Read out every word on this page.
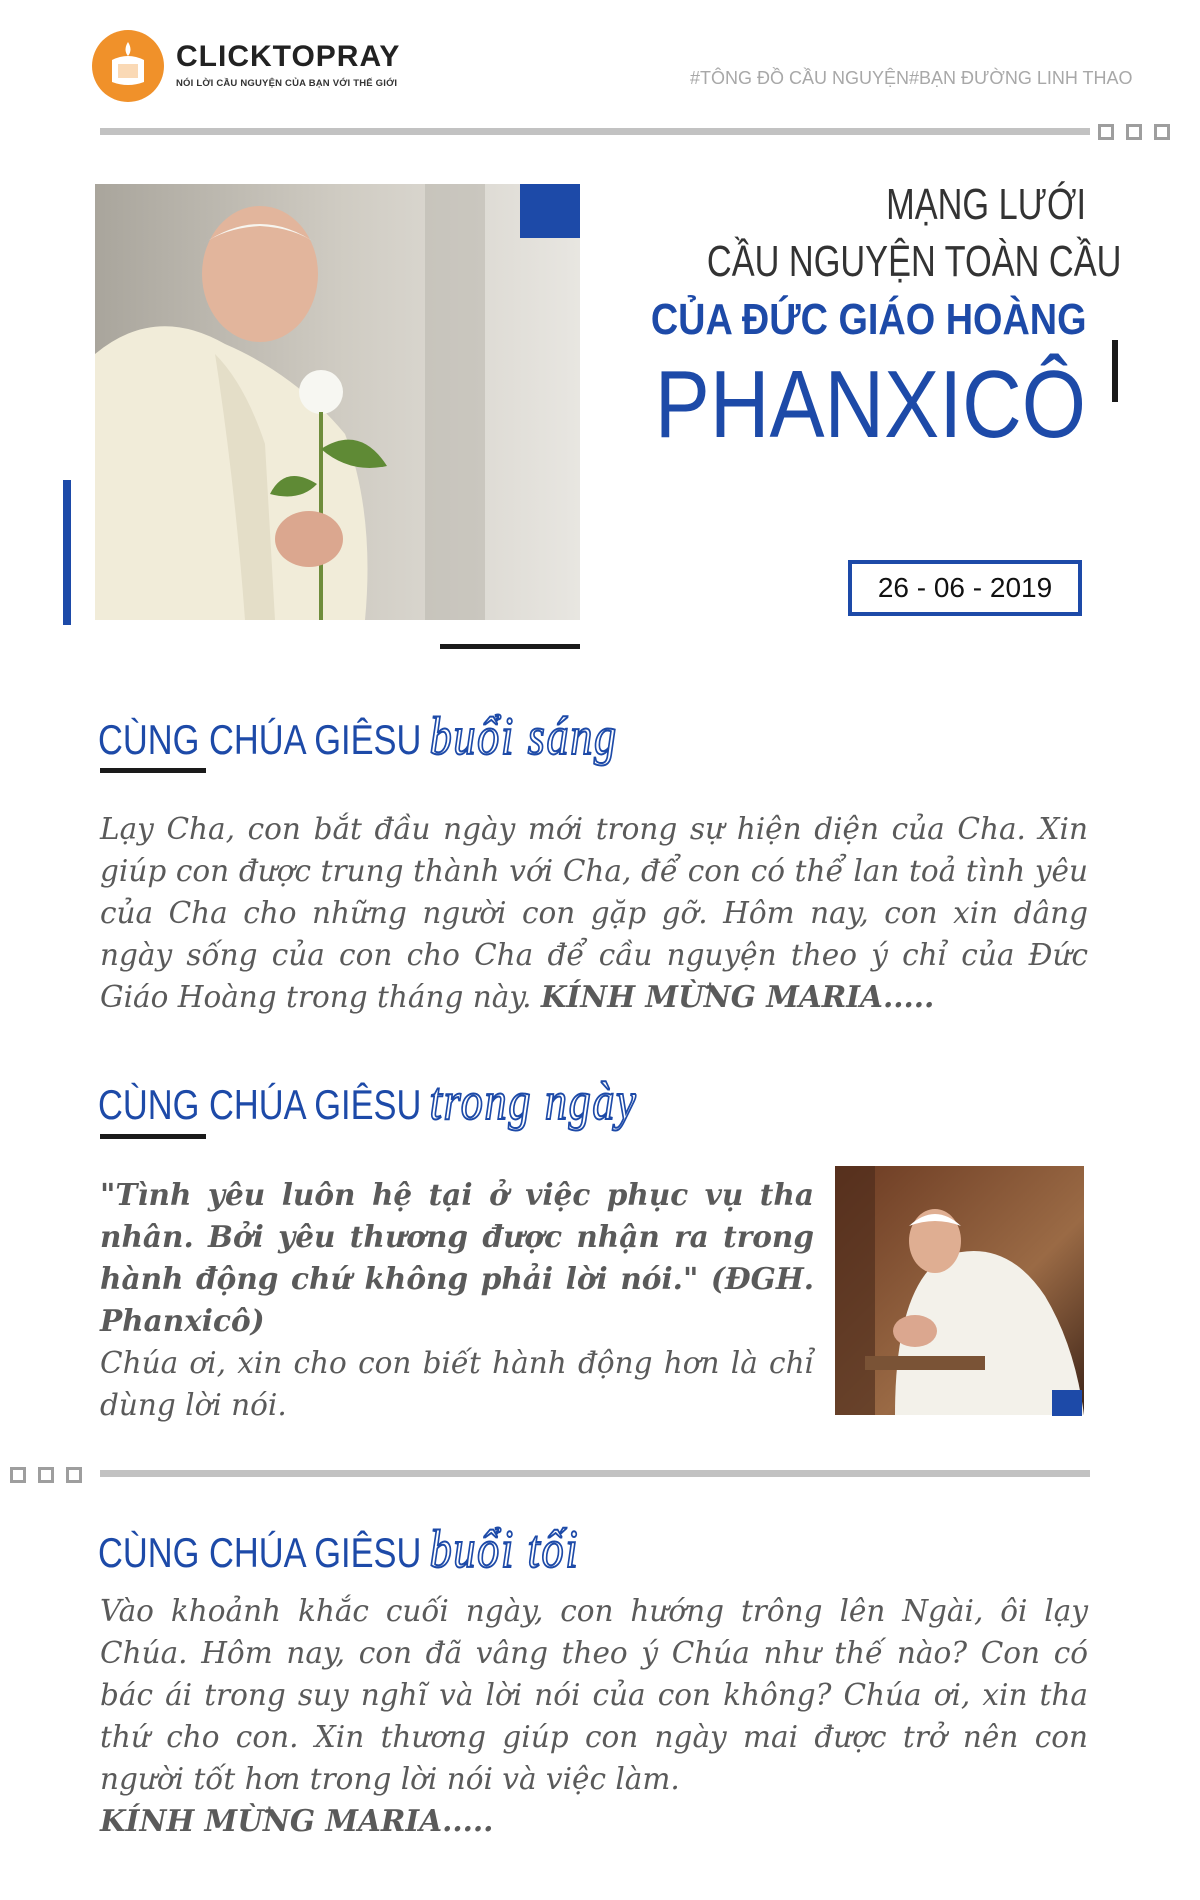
CLICKTOPRAY
NÓI LỜI CẦU NGUYỆN CỦA BẠN VỚI THẾ GIỚI	#TÔNG ĐỒ CẦU NGUYỆN #BẠN ĐƯỜNG LINH THAO
MẠNG LƯỚI
CẦU NGUYỆN TOÀN CẦU
CỦA ĐỨC GIÁO HOÀNG
PHANXICÔ
26 - 06 - 2019
CÙNG CHÚA GIÊSU buổi sáng
Lạy Cha, con bắt đầu ngày mới trong sự hiện diện của Cha. Xin giúp con được trung thành với Cha, để con có thể lan toả tình yêu của Cha cho những người con gặp gỡ. Hôm nay, con xin dâng ngày sống của con cho Cha để cầu nguyện theo ý chỉ của Đức Giáo Hoàng trong tháng này. KÍNH MỪNG MARIA.....
CÙNG CHÚA GIÊSU trong ngày
"Tình yêu luôn hệ tại ở việc phục vụ tha nhân. Bởi yêu thương được nhận ra trong hành động chứ không phải lời nói." (ĐGH. Phanxicô)
Chúa ơi, xin cho con biết hành động hơn là chỉ dùng lời nói.
CÙNG CHÚA GIÊSU buổi tối
Vào khoảnh khắc cuối ngày, con hướng trông lên Ngài, ôi lạy Chúa. Hôm nay, con đã vâng theo ý Chúa như thế nào? Con có bác ái trong suy nghĩ và lời nói của con không? Chúa ơi, xin tha thứ cho con. Xin thương giúp con ngày mai được trở nên con người tốt hơn trong lời nói và việc làm.
KÍNH MỪNG MARIA.....
